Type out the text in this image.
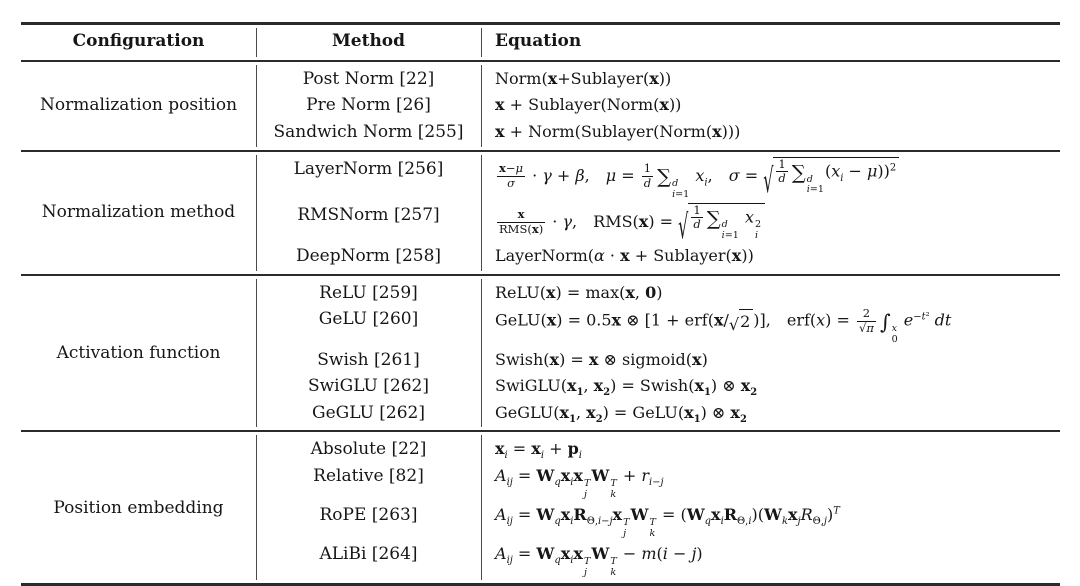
Configuration	Method	Equation
Normalization position
Post Norm [22]	Norm(x+Sublayer(x))
Pre Norm [26]	x + Sublayer(Norm(x))
Sandwich Norm [255]	x + Norm(Sublayer(Norm(x)))
Normalization method
LayerNorm [256]	$\frac{x-\mu}{\sigma} \cdot \gamma + \beta$, $\mu = \frac{1}{d}$ ∑ d
i=1
$x_i$, σ = √ $\frac{1}{d}$ ∑ d
i=1
$(x_i - \mu))^2$
RMSNorm [257]	x
RMS(x) · γ, RMS(x) = √ $\frac{1}{d}$ ∑ d
i=1
x 2
i
DeepNorm [258]	LayerNorm(α · x + Sublayer(x))
Activation function
ReLU [259]	ReLU(x) = max(x, 0)
GeLU [260]	GeLU(x) = 0.5x ⊗ [1 + erf(x/ √ 2 )], $erf(x) = \frac{2}{√\pi}$ ∫ x
0
$e^{-t^2}$ dt
Swish [261]	Swish(x) = x ⊗ sigmoid(x)
SwiGLU [262]	$SwiGLU(x_1$, $x_2$) = $Swish(x_1)$ ⊗ $x_2$
GeGLU [262]	$GeGLU(x_1$, $x_2$) = $GeLU(x_1)$ ⊗ $x_2$
Position embedding
Absolute [22]	$x_i = x_i + p_i$
Relative [82]	$A_{ij} = W_qx_ix$ T
j
W T
k
+ $r_{i-j}$
RoPE [263]	$A_{ij} = W_qx_iR_{\Theta,i-j}x$ T
j
W T
k
= $(W_qx_iR_{\Theta,i})(W_kx_jR_{\Theta,j})^T$
ALiBi [264]	$A_{ij} = W_qx_ix$ T
j
W T
k
− m(i − j)
